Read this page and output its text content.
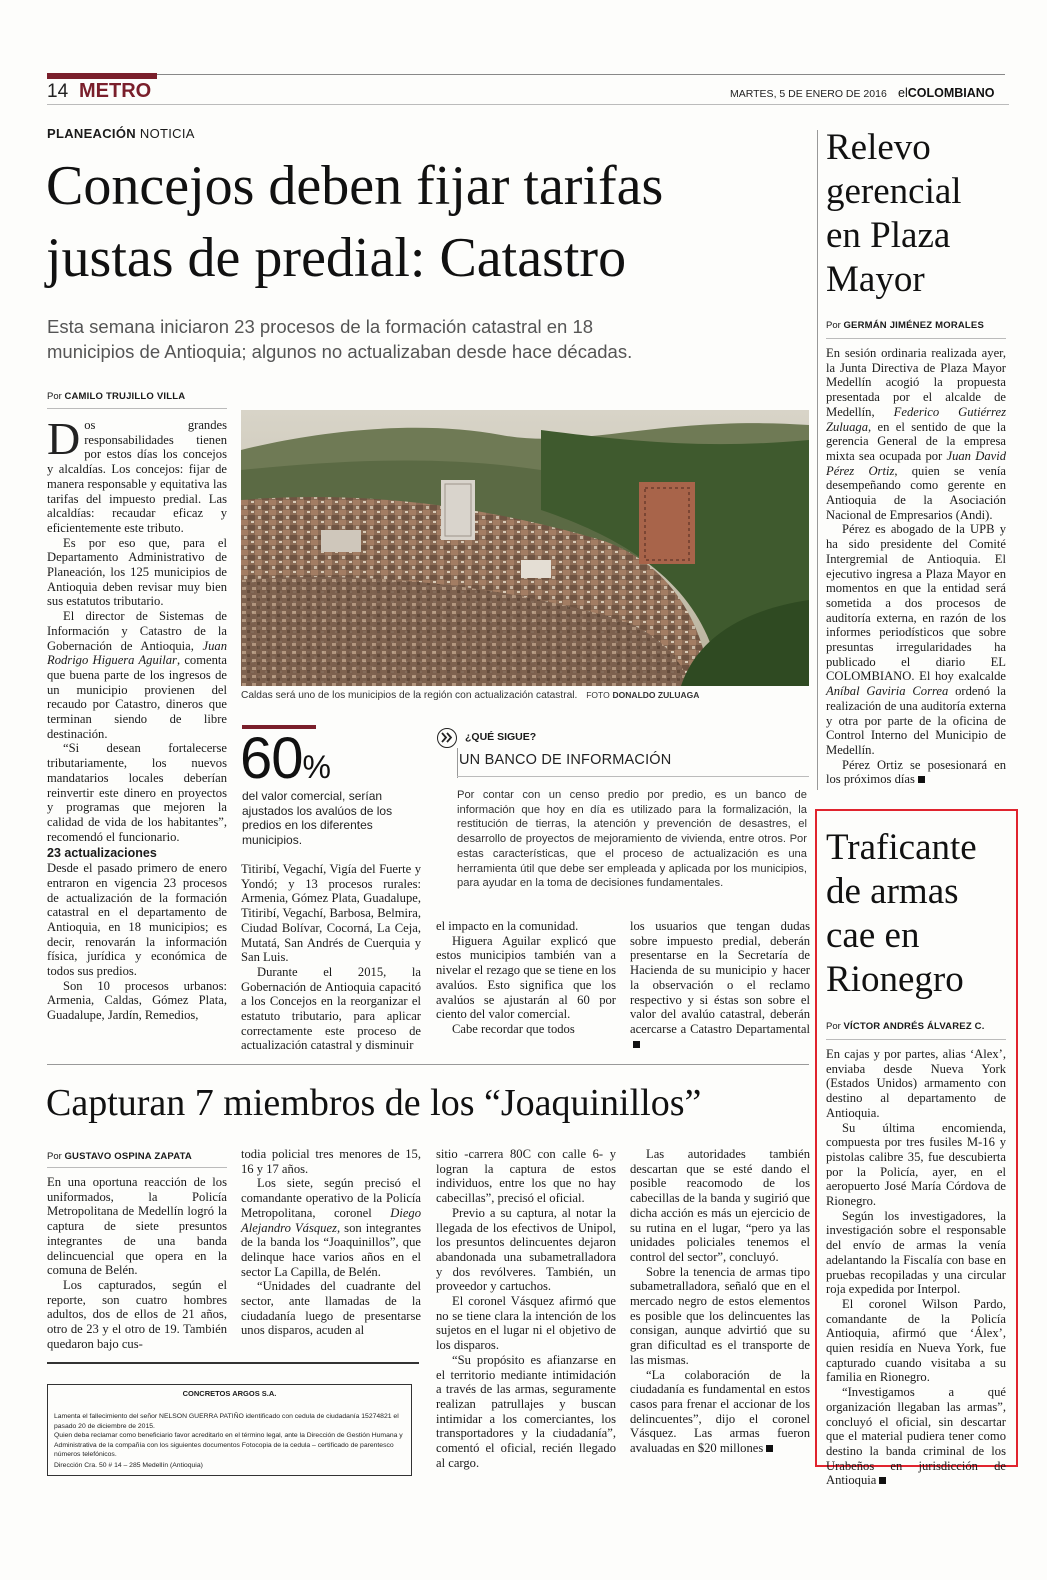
14 METRO	MARTES, 5 DE ENERO DE 2016 elCOLOMBIANO
PLANEACIÓN NOTICIA
Concejos deben fijar tarifas
justas de predial: Catastro
Esta semana iniciaron 23 procesos de la formación catastral en 18
municipios de Antioquia; algunos no actualizaban desde hace décadas.
Por CAMILO TRUJILLO VILLA

Dos grandes responsabilidades tienen por estos días los concejos y alcaldías. Los concejos: fijar de manera responsable y equitativa las tarifas del impuesto predial. Las alcaldías: recaudar eficaz y eficientemente este tributo.

Es por eso que, para el Departamento Administrativo de Planeación, los 125 municipios de Antioquia deben revisar muy bien sus estatutos tributario.

El director de Sistemas de Información y Catastro de la Gobernación de Antioquia, Juan Rodrigo Higuera Aguilar, comenta que buena parte de los ingresos de un municipio provienen del recaudo por Catastro, dineros que terminan siendo de libre destinación.

“Si desean fortalecerse tributariamente, los nuevos mandatarios locales deberían reinvertir este dinero en proyectos y programas que mejoren la calidad de vida de los habitantes”, recomendó el funcionario.

23 actualizaciones

Desde el pasado primero de enero entraron en vigencia 23 procesos de actualización de la formación catastral en el departamento de Antioquia, en 18 municipios; es decir, renovarán la información física, jurídica y económica de todos sus predios.

Son 10 procesos urbanos: Armenia, Caldas, Gómez Plata, Guadalupe, Jardín, Remedios,

Caldas será uno de los municipios de la región con actualización catastral. FOTO DONALDO ZULUAGA
60%
del valor comercial, serían ajustados los avalúos de los predios en los diferentes municipios.

Titiribí, Vegachí, Vigía del Fuerte y Yondó; y 13 procesos rurales: Armenia, Gómez Plata, Guadalupe, Titiribí, Vegachí, Barbosa, Belmira, Ciudad Bolívar, Cocorná, La Ceja, Mutatá, San Andrés de Cuerquia y San Luis.

Durante el 2015, la Gobernación de Antioquia capacitó a los Concejos en la reorganizar el estatuto tributario, para aplicar correctamente este proceso de actualización catastral y disminuir

¿QUÉ SIGUE?
UN BANCO DE INFORMACIÓN
Por contar con un censo predio por predio, es un banco de información que hoy en día es utilizado para la formalización, la restitución de tierras, la atención y prevención de desastres, el desarrollo de proyectos de mejoramiento de vivienda, entre otros. Por estas características, que el proceso de actualización es una herramienta útil que debe ser empleada y aplicada por los municipios, para ayudar en la toma de decisiones fundamentales.

el impacto en la comunidad.

Higuera Aguilar explicó que estos municipios también van a nivelar el rezago que se tiene en los avalúos. Esto significa que los avalúos se ajustarán al 60 por ciento del valor comercial.

Cabe recordar que todos

los usuarios que tengan dudas sobre impuesto predial, deberán presentarse en la Secretaría de Hacienda de su municipio y hacer la observación o el reclamo respectivo y si éstas son sobre el valor del avalúo catastral, deberán acercarse a Catastro Departamental

Relevo
gerencial
en Plaza
Mayor
Por GERMÁN JIMÉNEZ MORALES

En sesión ordinaria realizada ayer, la Junta Directiva de Plaza Mayor Medellín acogió la propuesta presentada por el alcalde de Medellín, Federico Gutiérrez Zuluaga, en el sentido de que la gerencia General de la empresa mixta sea ocupada por Juan David Pérez Ortiz, quien se venía desempeñando como gerente en Antioquia de la Asociación Nacional de Empresarios (Andi).

Pérez es abogado de la UPB y ha sido presidente del Comité Intergremial de Antioquia. El ejecutivo ingresa a Plaza Mayor en momentos en que la entidad será sometida a dos procesos de auditoría externa, en razón de los informes periodísticos que sobre presuntas irregularidades ha publicado el diario EL COLOMBIANO. El hoy exalcalde Aníbal Gaviria Correa ordenó la realización de una auditoría externa y otra por parte de la oficina de Control Interno del Municipio de Medellín.

Pérez Ortiz se posesionará en los próximos días

Traficante
de armas
cae en
Rionegro
Por VÍCTOR ANDRÉS ÁLVAREZ C.

En cajas y por partes, alias ‘Alex’, enviaba desde Nueva York (Estados Unidos) armamento con destino al departamento de Antioquia.

Su última encomienda, compuesta por tres fusiles M-16 y pistolas calibre 35, fue descubierta por la Policía, ayer, en el aeropuerto José María Córdova de Rionegro.

Según los investigadores, la investigación sobre el responsable del envío de armas la venía adelantando la Fiscalía con base en pruebas recopiladas y una circular roja expedida por Interpol.

El coronel Wilson Pardo, comandante de la Policía Antioquia, afirmó que ‘Álex’, quien residía en Nueva York, fue capturado cuando visitaba a su familia en Rionegro.

“Investigamos a qué organización llegaban las armas”, concluyó el oficial, sin descartar que el material pudiera tener como destino la banda criminal de los Urabeños en jurisdicción de Antioquia

Capturan 7 miembros de los “Joaquinillos”
Por GUSTAVO OSPINA ZAPATA

En una oportuna reacción de los uniformados, la Policía Metropolitana de Medellín logró la captura de siete presuntos integrantes de una banda delincuencial que opera en la comuna de Belén.

Los capturados, según el reporte, son cuatro hombres adultos, dos de ellos de 21 años, otro de 23 y el otro de 19. También quedaron bajo cus-

todia policial tres menores de 15, 16 y 17 años.

Los siete, según precisó el comandante operativo de la Policía Metropolitana, coronel Diego Alejandro Vásquez, son integrantes de la banda los “Joaquinillos”, que delinque hace varios años en el sector La Capilla, de Belén.

“Unidades del cuadrante del sector, ante llamadas de la ciudadanía luego de presentarse unos disparos, acuden al

sitio -carrera 80C con calle 6- y logran la captura de estos individuos, entre los que no hay cabecillas”, precisó el oficial.

Previo a su captura, al notar la llegada de los efectivos de Unipol, los presuntos delincuentes dejaron abandonada una subametralladora y dos revólveres. También, un proveedor y cartuchos.

El coronel Vásquez afirmó que no se tiene clara la intención de los sujetos en el lugar ni el objetivo de los disparos.

“Su propósito es afianzarse en el territorio mediante intimidación a través de las armas, seguramente realizan patrullajes y buscan intimidar a los comerciantes, los transportadores y la ciudadanía”, comentó el oficial, recién llegado al cargo.

Las autoridades también descartan que se esté dando el posible reacomodo de los cabecillas de la banda y sugirió que dicha acción es más un ejercicio de su rutina en el lugar, “pero ya las unidades policiales tenemos el control del sector”, concluyó.

Sobre la tenencia de armas tipo subametralladora, señaló que en el mercado negro de estos elementos es posible que los delincuentes las consigan, aunque advirtió que su gran dificultad es el transporte de las mismas.

“La colaboración de la ciudadanía es fundamental en estos casos para frenar el accionar de los delincuentes”, dijo el coronel Vásquez. Las armas fueron avaluadas en $20 millones

CONCRETOS ARGOS S.A.
Lamenta el fallecimiento del señor NELSON GUERRA PATIÑO identificado con cedula de ciudadanía 15274821 el pasado 20 de diciembre de 2015.
Quien deba reclamar como beneficiario favor acreditarlo en el término legal, ante la Dirección de Gestión Humana y Administrativa de la compañía con los siguientes documentos Fotocopia de la cedula – certificado de parentesco números telefónicos.
Dirección Cra. 50 # 14 – 285 Medellín (Antioquia)
